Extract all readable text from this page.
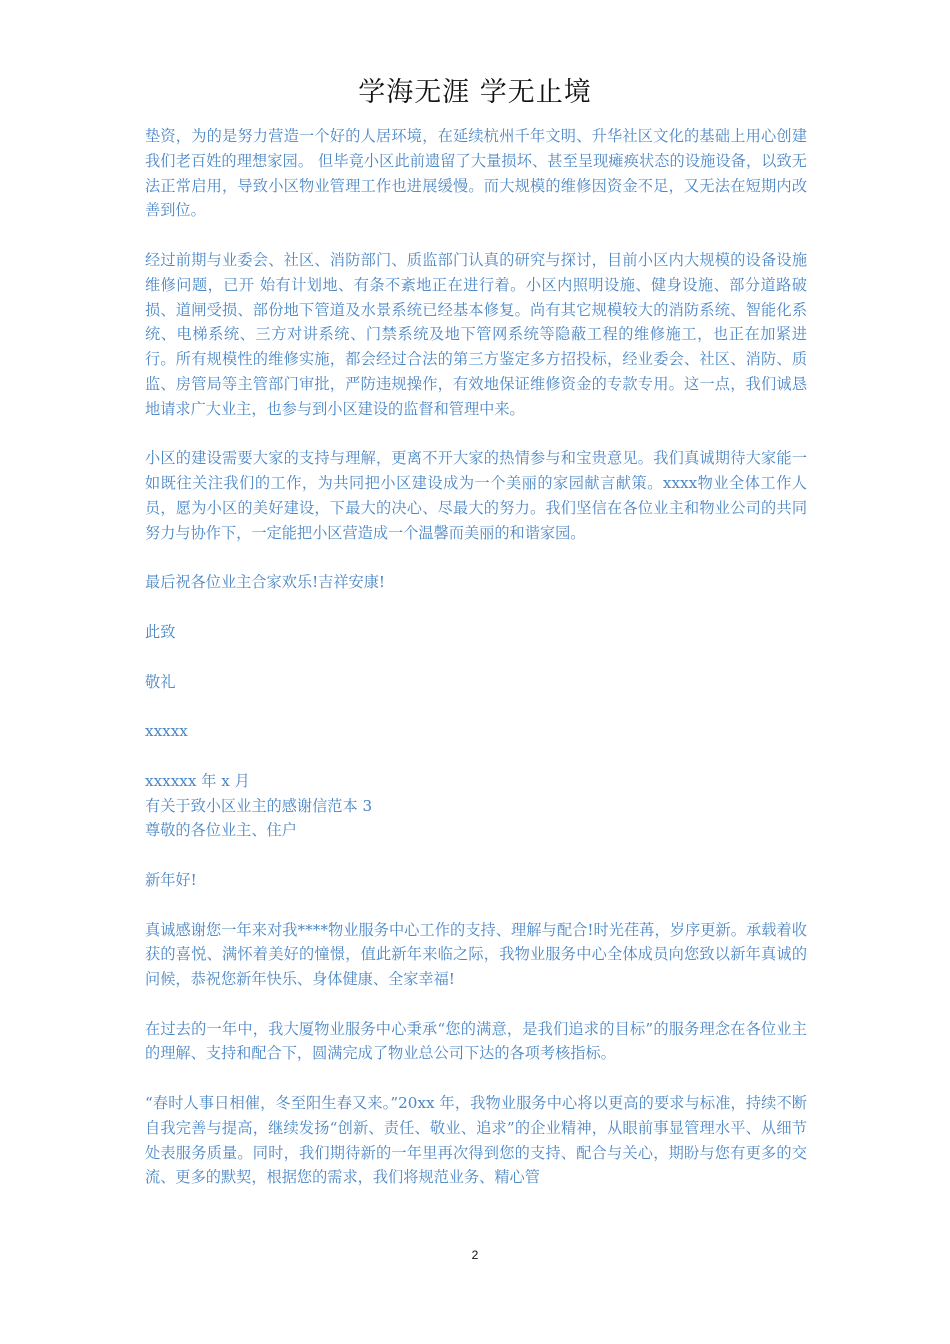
学海无涯 学无止境

垫资，为的是努力营造一个好的人居环境，在延续杭州千年文明、升华社区文化的基础上用心创建我们老百姓的理想家园。 但毕竟小区此前遗留了大量损坏、甚至呈现瘫痪状态的设施设备，以致无法正常启用，导致小区物业管理工作也进展缓慢。而大规模的维修因资金不足，又无法在短期内改善到位。

经过前期与业委会、社区、消防部门、质监部门认真的研究与探讨，目前小区内大规模的设备设施维修问题，已开 始有计划地、有条不紊地正在进行着。小区内照明设施、健身设施、部分道路破损、道闸受损、部份地下管道及水景系统已经基本修复。尚有其它规模较大的消防系统、智能化系统、电梯系统、三方对讲系统、门禁系统及地下管网系统等隐蔽工程的维修施工，也正在加紧进行。所有规模性的维修实施，都会经过合法的第三方鉴定多方招投标，经业委会、社区、消防、质监、房管局等主管部门审批，严防违规操作，有效地保证维修资金的专款专用。这一点，我们诚恳地请求广大业主，也参与到小区建设的监督和管理中来。

小区的建设需要大家的支持与理解，更离不开大家的热情参与和宝贵意见。我们真诚期待大家能一如既往关注我们的工作，为共同把小区建设成为一个美丽的家园献言献策。xxxx物业全体工作人员，愿为小区的美好建设，下最大的决心、尽最大的努力。我们坚信在各位业主和物业公司的共同努力与协作下，一定能把小区营造成一个温馨而美丽的和谐家园。

最后祝各位业主合家欢乐!吉祥安康!

此致

敬礼

xxxxx

xxxxxx 年 x 月

有关于致小区业主的感谢信范本 3

尊敬的各位业主、住户

新年好!

真诚感谢您一年来对我****物业服务中心工作的支持、理解与配合!时光荏苒，岁序更新。承载着收获的喜悦、满怀着美好的憧憬，值此新年来临之际，我物业服务中心全体成员向您致以新年真诚的问候，恭祝您新年快乐、身体健康、全家幸福!

在过去的一年中，我大厦物业服务中心秉承“您的满意，是我们追求的目标”的服务理念在各位业主的理解、支持和配合下，圆满完成了物业总公司下达的各项考核指标。

“春时人事日相催，冬至阳生春又来。”20xx 年，我物业服务中心将以更高的要求与标准，持续不断自我完善与提高，继续发扬“创新、责任、敬业、追求”的企业精神，从眼前事显管理水平、从细节处表服务质量。同时，我们期待新的一年里再次得到您的支持、配合与关心，期盼与您有更多的交流、更多的默契，根据您的需求，我们将规范业务、精心管

2
